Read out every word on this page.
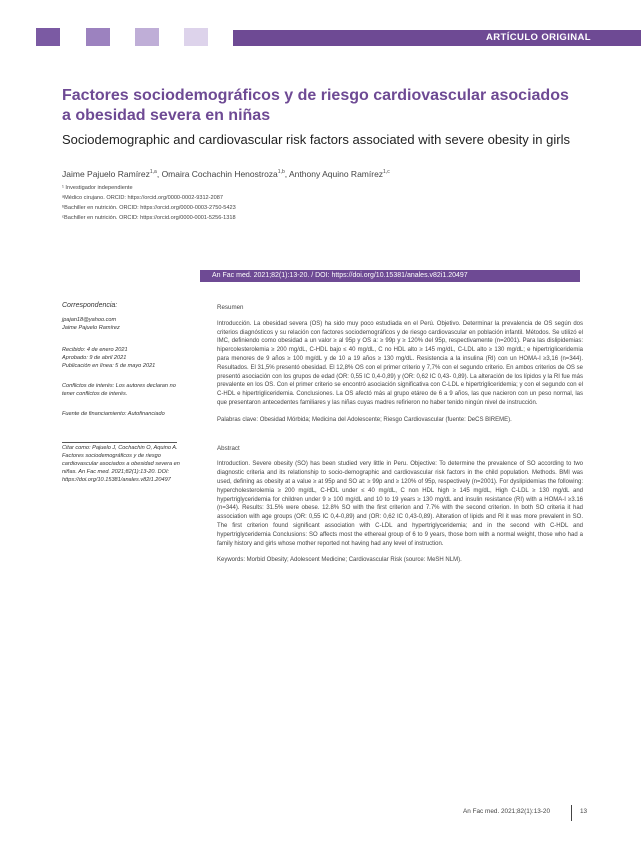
ARTÍCULO ORIGINAL
Factores sociodemográficos y de riesgo cardiovascular asociados a obesidad severa en niñas
Sociodemographic and cardiovascular risk factors associated with severe obesity in girls
Jaime Pajuelo Ramírez$^{1,a}$, Omaira Cochachin Henostroza$^{1,b}$, Anthony Aquino Ramírez$^{1,c}$
¹ Investigador independiente
ᵃMédico cirujano. ORCID: https://orcid.org/0000-0002-9312-2087
ᵇBachiller en nutrición. ORCID: https://orcid.org/0000-0003-2750-5423
ᶜBachiller en nutrición. ORCID: https://orcid.org/0000-0001-5256-1318
An Fac med. 2021;82(1):13-20. / DOI: https://doi.org/10.15381/anales.v82i1.20497

Correspondencia:

jpajan18@yahoo.com

Jaime Pajuelo Ramírez

Recibido: 4 de enero 2021

Aprobado: 9 de abril 2021

Publicación en línea: 5 de mayo 2021

Conflictos de interés: Los autores declaran no tener conflictos de interés.

Fuente de financiamiento: Autofinanciado

Citar como: Pajuelo J, Cochachin O, Aquino A. Factores sociodemográficos y de riesgo cardiovascular asociados a obesidad severa en niñas. An Fac med. 2021;82(1):13-20. DOI: https://doi.org/10.15381/anales.v82i1.20497

Resumen

Introducción. La obesidad severa (OS) ha sido muy poco estudiada en el Perú. Objetivo. Determinar la prevalencia de OS según dos criterios diagnósticos y su relación con factores sociodemográficos y de riesgo cardiovascular en población infantil. Métodos. Se utilizó el IMC, definiendo como obesidad a un valor ≥ al 95p y OS a: ≥ 99p y ≥ 120% del 95p, respectivamente (n=2001). Para las dislipidemias: hipercolesterolemia ≥ 200 mg/dL, C-HDL bajo ≤ 40 mg/dL, C no HDL alto ≥ 145 mg/dL, C-LDL alto ≥ 130 mg/dL; e hipertrigliceridemia para menores de 9 años ≥ 100 mg/dL y de 10 a 19 años ≥ 130 mg/dL. Resistencia a la insulina (RI) con un HOMA-I ≥3,16 (n=344). Resultados. El 31,5% presentó obesidad. El 12,8% OS con el primer criterio y 7,7% con el segundo criterio. En ambos criterios de OS se presentó asociación con los grupos de edad (OR: 0,55 IC 0,4-0,89) y (OR: 0,62 IC 0,43- 0,89). La alteración de los lípidos y la RI fue más prevalente en los OS. Con el primer criterio se encontró asociación significativa con C-LDL e hipertrigliceridemia; y con el segundo con el C-HDL e hipertrigliceridemia. Conclusiones. La OS afectó más al grupo etáreo de 6 a 9 años, las que nacieron con un peso normal, las que presentaron antecedentes familiares y las niñas cuyas madres refirieron no haber tenido ningún nivel de instrucción.

Palabras clave: Obesidad Mórbida; Medicina del Adolescente; Riesgo Cardiovascular (fuente: DeCS BIREME).

Abstract

Introduction. Severe obesity (SO) has been studied very little in Peru. Objective: To determine the prevalence of SO according to two diagnostic criteria and its relationship to socio-demographic and cardiovascular risk factors in the child population. Methods. BMI was used, defining as obesity at a value ≥ at 95p and SO at: ≥ 99p and ≥ 120% of 95p, respectively (n=2001). For dyslipidemias the following: hypercholesterolemia ≥ 200 mg/dL, C-HDL under ≤ 40 mg/dL, C non HDL high ≥ 145 mg/dL, High C-LDL ≥ 130 mg/dL and hypertriglyceridemia for children under 9 ≥ 100 mg/dL and 10 to 19 years ≥ 130 mg/dL and insulin resistance (RI) with a HOMA-I ≥3.16 (n=344). Results: 31.5% were obese. 12.8% SO with the first criterion and 7.7% with the second criterion. In both SO criteria it had association with age groups (OR: 0,55 IC 0,4-0,89) and (OR: 0,62 IC 0,43-0,89). Alteration of lipids and RI it was more prevalent in SO. The first criterion found significant association with C-LDL and hypertriglyceridemia; and in the second with C-HDL and hypertriglyceridemia Conclusions: SO affects most the ethereal group of 6 to 9 years, those born with a normal weight, those who had a family history and girls whose mother reported not having had any level of instruction.

Keywords: Morbid Obesity; Adolescent Medicine; Cardiovascular Risk (source: MeSH NLM).

An Fac med. 2021;82(1):13-20	13
